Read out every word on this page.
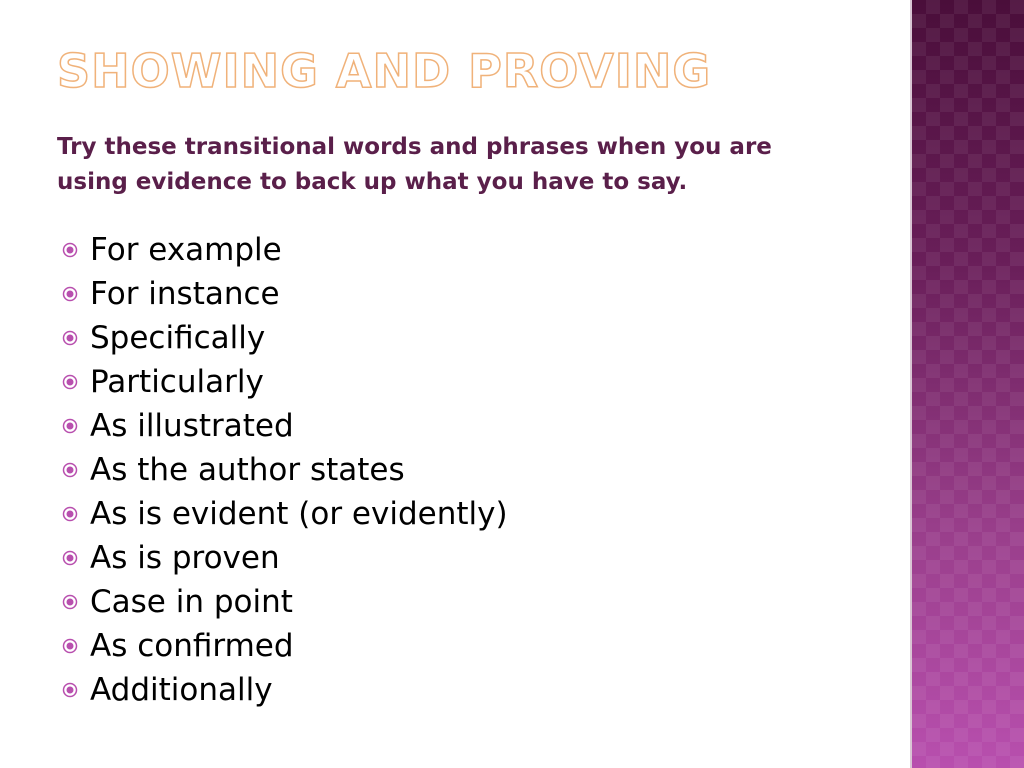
SHOWING AND PROVING

Try these transitional words and phrases when you are using evidence to back up what you have to say.

For example
For instance
Specifically
Particularly
As illustrated
As the author states
As is evident (or evidently)
As is proven
Case in point
As confirmed
Additionally
